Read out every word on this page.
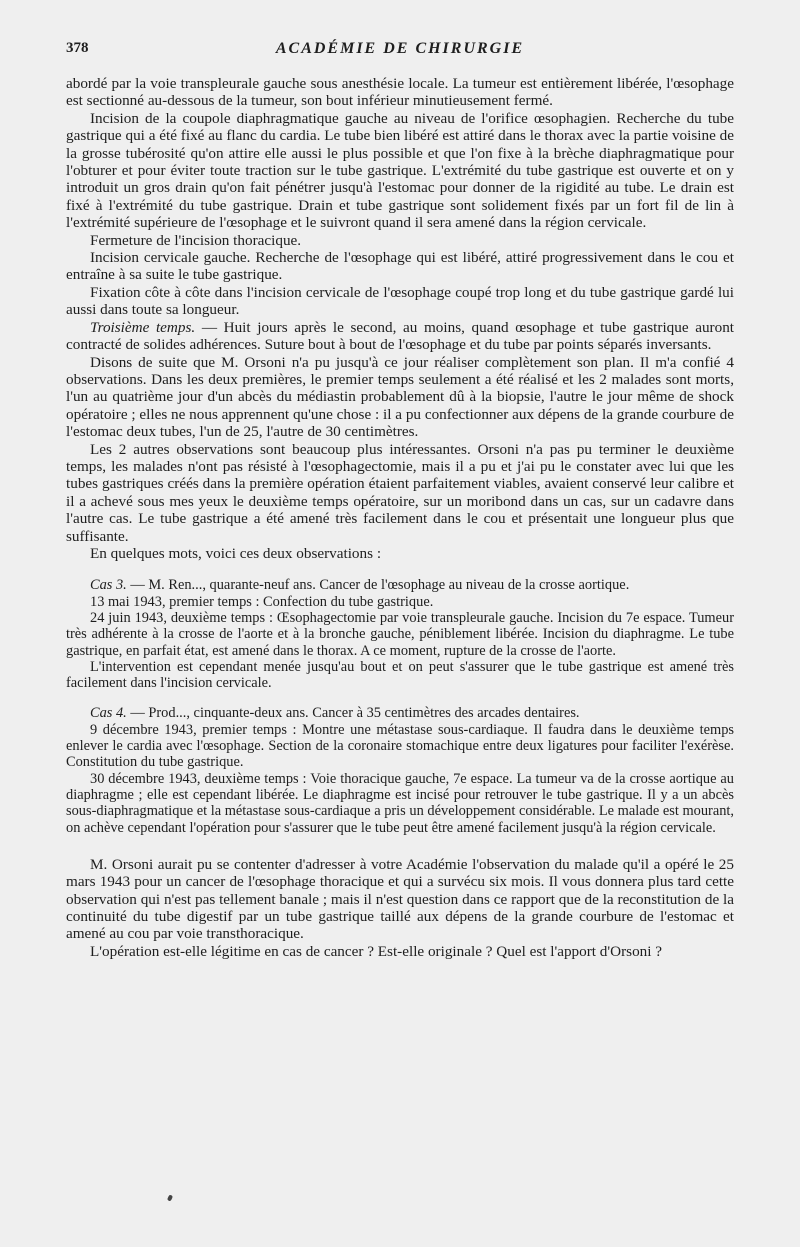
378	ACADÉMIE DE CHIRURGIE

abordé par la voie transpleurale gauche sous anesthésie locale. La tumeur est entièrement libérée, l'œsophage est sectionné au-dessous de la tumeur, son bout inférieur minutieusement fermé.

Incision de la coupole diaphragmatique gauche au niveau de l'orifice œsophagien. Recherche du tube gastrique qui a été fixé au flanc du cardia. Le tube bien libéré est attiré dans le thorax avec la partie voisine de la grosse tubérosité qu'on attire elle aussi le plus possible et que l'on fixe à la brèche diaphragmatique pour l'obturer et pour éviter toute traction sur le tube gastrique. L'extrémité du tube gastrique est ouverte et on y introduit un gros drain qu'on fait pénétrer jusqu'à l'estomac pour donner de la rigidité au tube. Le drain est fixé à l'extrémité du tube gastrique. Drain et tube gastrique sont solidement fixés par un fort fil de lin à l'extrémité supérieure de l'œsophage et le suivront quand il sera amené dans la région cervicale.

Fermeture de l'incision thoracique.

Incision cervicale gauche. Recherche de l'œsophage qui est libéré, attiré progressivement dans le cou et entraîne à sa suite le tube gastrique.

Fixation côte à côte dans l'incision cervicale de l'œsophage coupé trop long et du tube gastrique gardé lui aussi dans toute sa longueur.

Troisième temps. — Huit jours après le second, au moins, quand œsophage et tube gastrique auront contracté de solides adhérences. Suture bout à bout de l'œsophage et du tube par points séparés inversants.

Disons de suite que M. Orsoni n'a pu jusqu'à ce jour réaliser complètement son plan. Il m'a confié 4 observations. Dans les deux premières, le premier temps seulement a été réalisé et les 2 malades sont morts, l'un au quatrième jour d'un abcès du médiastin probablement dû à la biopsie, l'autre le jour même de shock opératoire ; elles ne nous apprennent qu'une chose : il a pu confectionner aux dépens de la grande courbure de l'estomac deux tubes, l'un de 25, l'autre de 30 centimètres.

Les 2 autres observations sont beaucoup plus intéressantes. Orsoni n'a pas pu terminer le deuxième temps, les malades n'ont pas résisté à l'œsophagectomie, mais il a pu et j'ai pu le constater avec lui que les tubes gastriques créés dans la première opération étaient parfaitement viables, avaient conservé leur calibre et il a achevé sous mes yeux le deuxième temps opératoire, sur un moribond dans un cas, sur un cadavre dans l'autre cas. Le tube gastrique a été amené très facilement dans le cou et présentait une longueur plus que suffisante.

En quelques mots, voici ces deux observations :

Cas 3. — M. Ren..., quarante-neuf ans. Cancer de l'œsophage au niveau de la crosse aortique.

13 mai 1943, premier temps : Confection du tube gastrique.

24 juin 1943, deuxième temps : Œsophagectomie par voie transpleurale gauche. Incision du 7e espace. Tumeur très adhérente à la crosse de l'aorte et à la bronche gauche, péniblement libérée. Incision du diaphragme. Le tube gastrique, en parfait état, est amené dans le thorax. A ce moment, rupture de la crosse de l'aorte.

L'intervention est cependant menée jusqu'au bout et on peut s'assurer que le tube gastrique est amené très facilement dans l'incision cervicale.

Cas 4. — Prod..., cinquante-deux ans. Cancer à 35 centimètres des arcades dentaires.

9 décembre 1943, premier temps : Montre une métastase sous-cardiaque. Il faudra dans le deuxième temps enlever le cardia avec l'œsophage. Section de la coronaire stomachique entre deux ligatures pour faciliter l'exérèse. Constitution du tube gastrique.

30 décembre 1943, deuxième temps : Voie thoracique gauche, 7e espace. La tumeur va de la crosse aortique au diaphragme ; elle est cependant libérée. Le diaphragme est incisé pour retrouver le tube gastrique. Il y a un abcès sous-diaphragmatique et la métastase sous-cardiaque a pris un développement considérable. Le malade est mourant, on achève cependant l'opération pour s'assurer que le tube peut être amené facilement jusqu'à la région cervicale.

M. Orsoni aurait pu se contenter d'adresser à votre Académie l'observation du malade qu'il a opéré le 25 mars 1943 pour un cancer de l'œsophage thoracique et qui a survécu six mois. Il vous donnera plus tard cette observation qui n'est pas tellement banale ; mais il n'est question dans ce rapport que de la reconstitution de la continuité du tube digestif par un tube gastrique taillé aux dépens de la grande courbure de l'estomac et amené au cou par voie transthoracique.

L'opération est-elle légitime en cas de cancer ? Est-elle originale ? Quel est l'apport d'Orsoni ?
